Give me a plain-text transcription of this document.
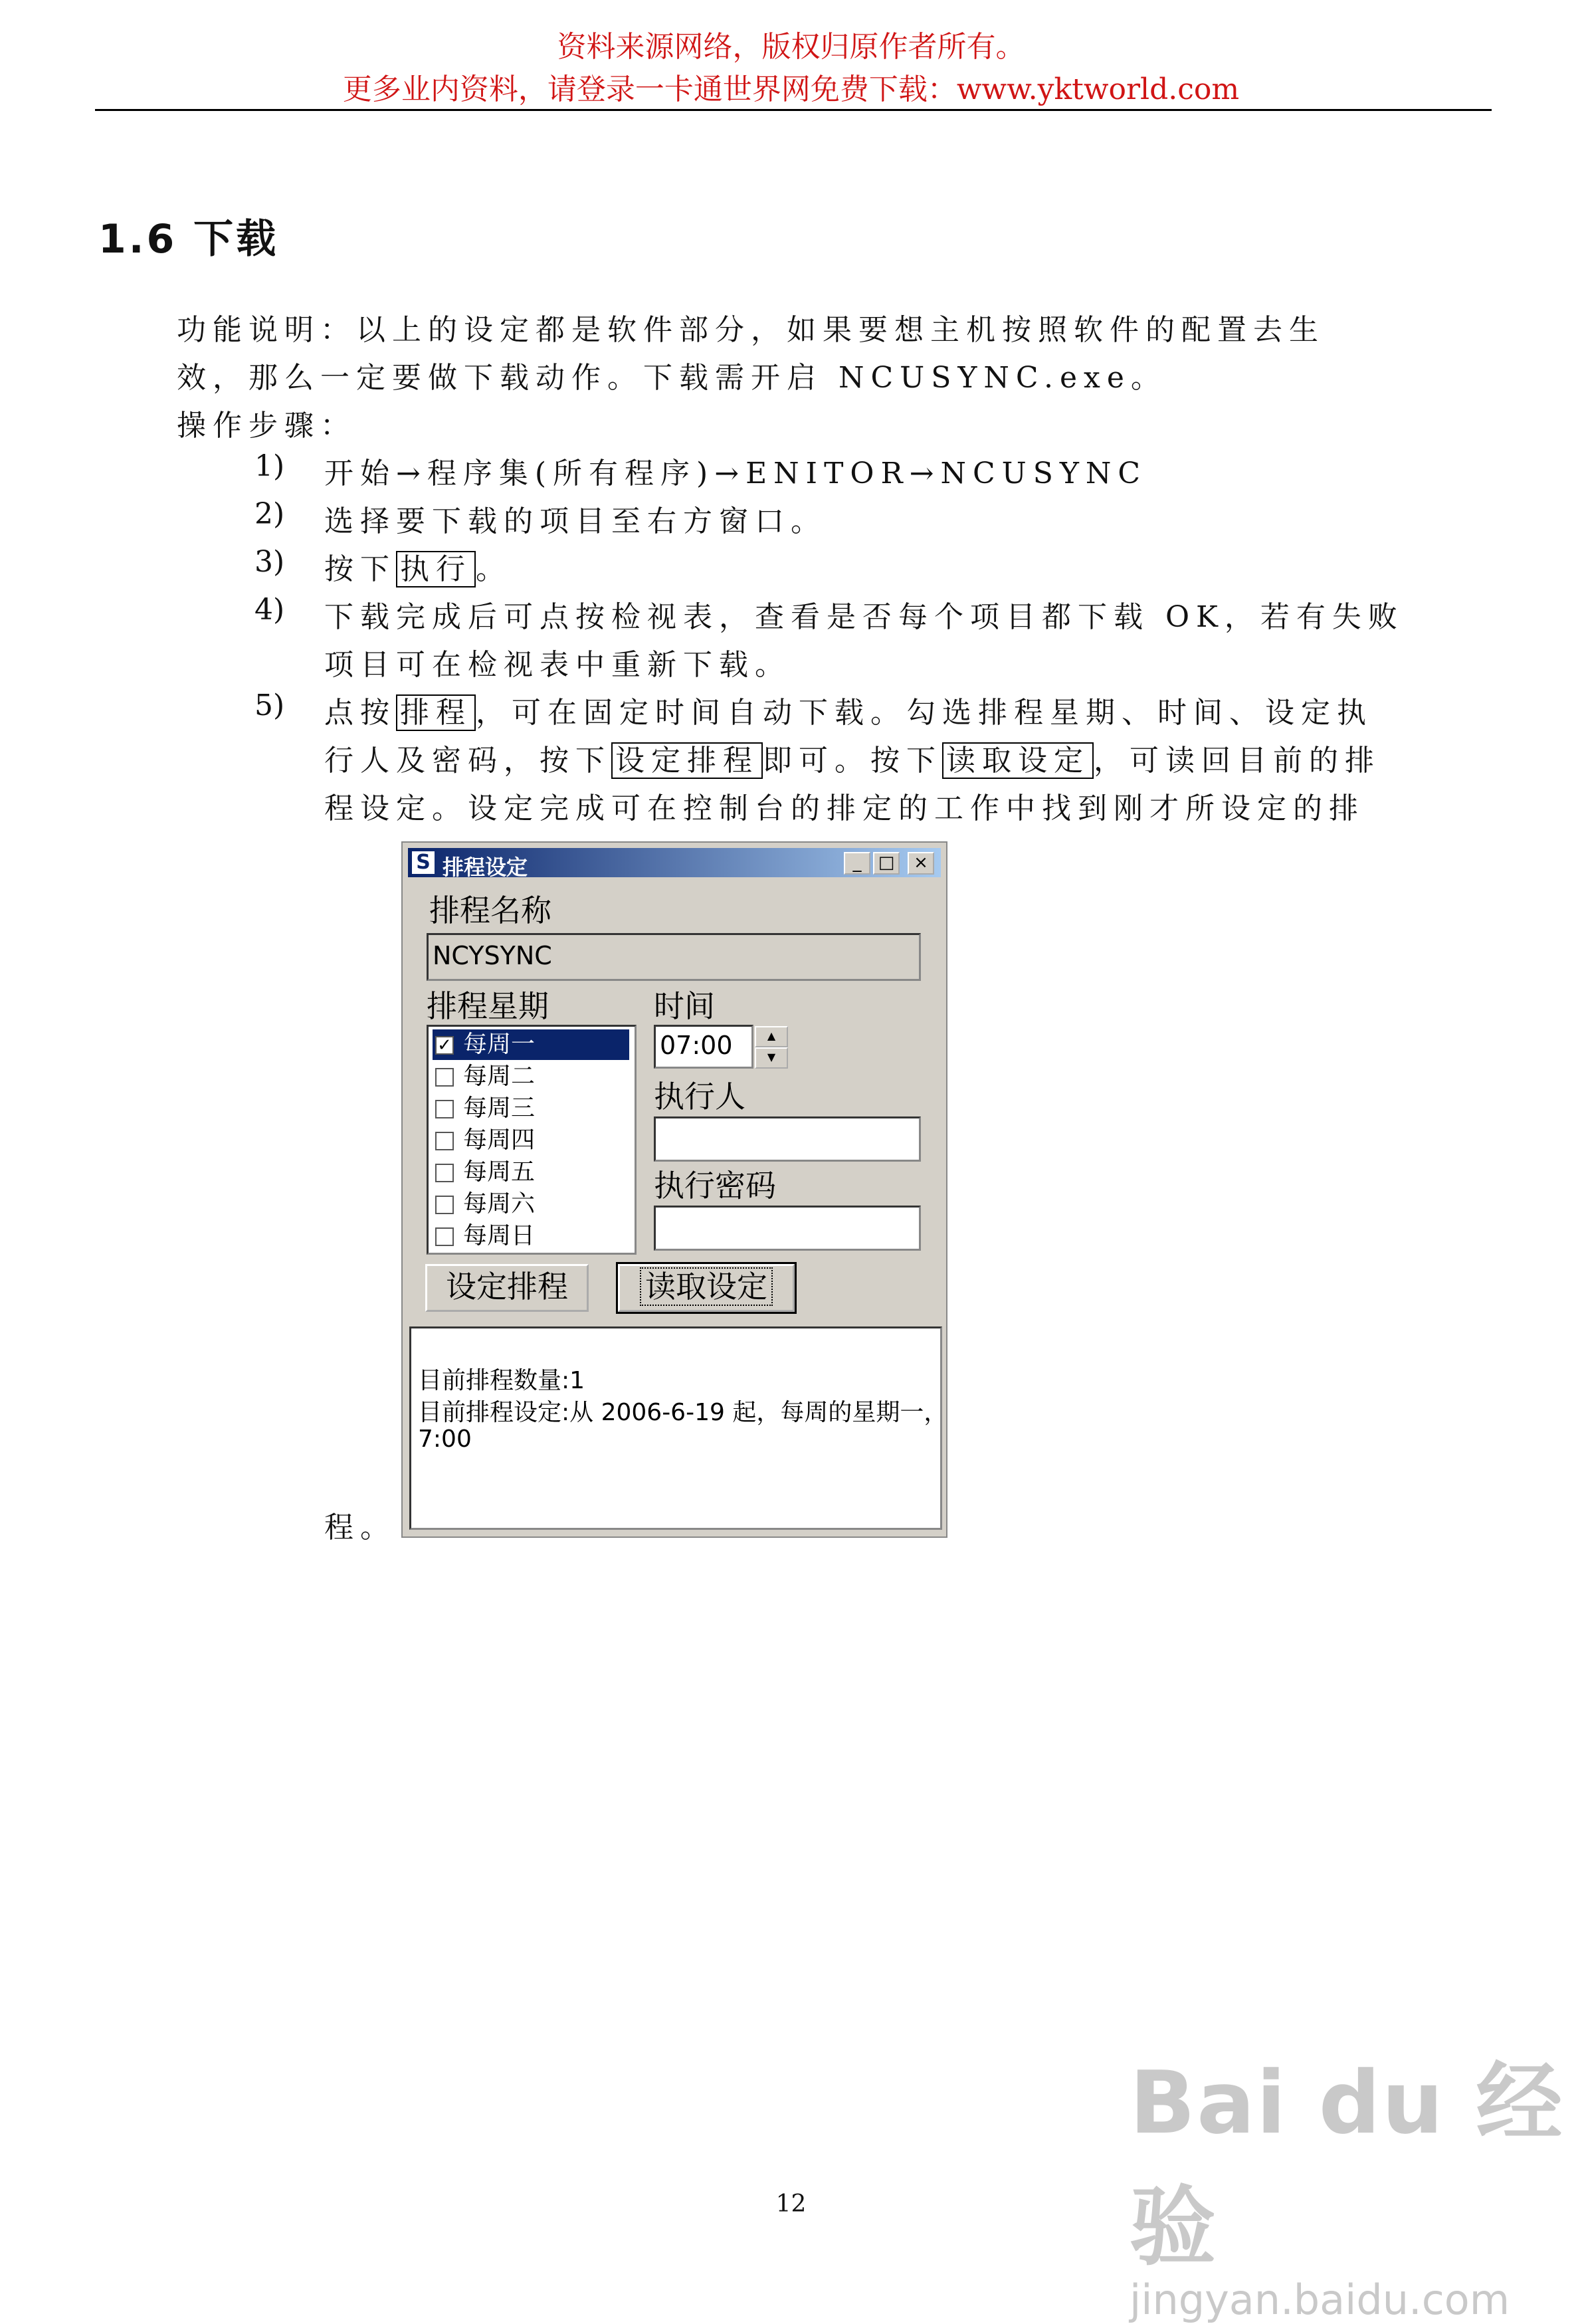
资料来源网络，版权归原作者所有。
更多业内资料，请登录一卡通世界网免费下载：www.yktworld.com
1.6 下载
功能说明：以上的设定都是软件部分，如果要想主机按照软件的配置去生
效，那么一定要做下载动作。下载需开启 NCUSYNC.exe。
操作步骤：
1) 开始→程序集(所有程序)→ENITOR→NCUSYNC
2) 选择要下载的项目至右方窗口。
3) 按下 执行 。
4) 下载完成后可点按检视表，查看是否每个项目都下载 OK，若有失败
项目可在检视表中重新下载。
5) 点按 排程 ，可在固定时间自动下载。勾选排程星期、时间、设定执
行人及密码，按下 设定排程 即可。按下 读取设定 ，可读回目前的排
程设定。设定完成可在控制台的排定的工作中找到刚才所设定的排
程。
S 排程设定	_ □	×
排程名称
NCYSYNC
排程星期	时间
✓ 每周一
每周二
每周三
每周四
每周五
每周六
每周日
07:00	▲
▼
执行人
执行密码
设定排程	读取设定
目前排程数量:1
目前排程设定:从 2006-6-19 起，每周的星期一，
7:00
Bai du 经验
jingyan.baidu.com
12
